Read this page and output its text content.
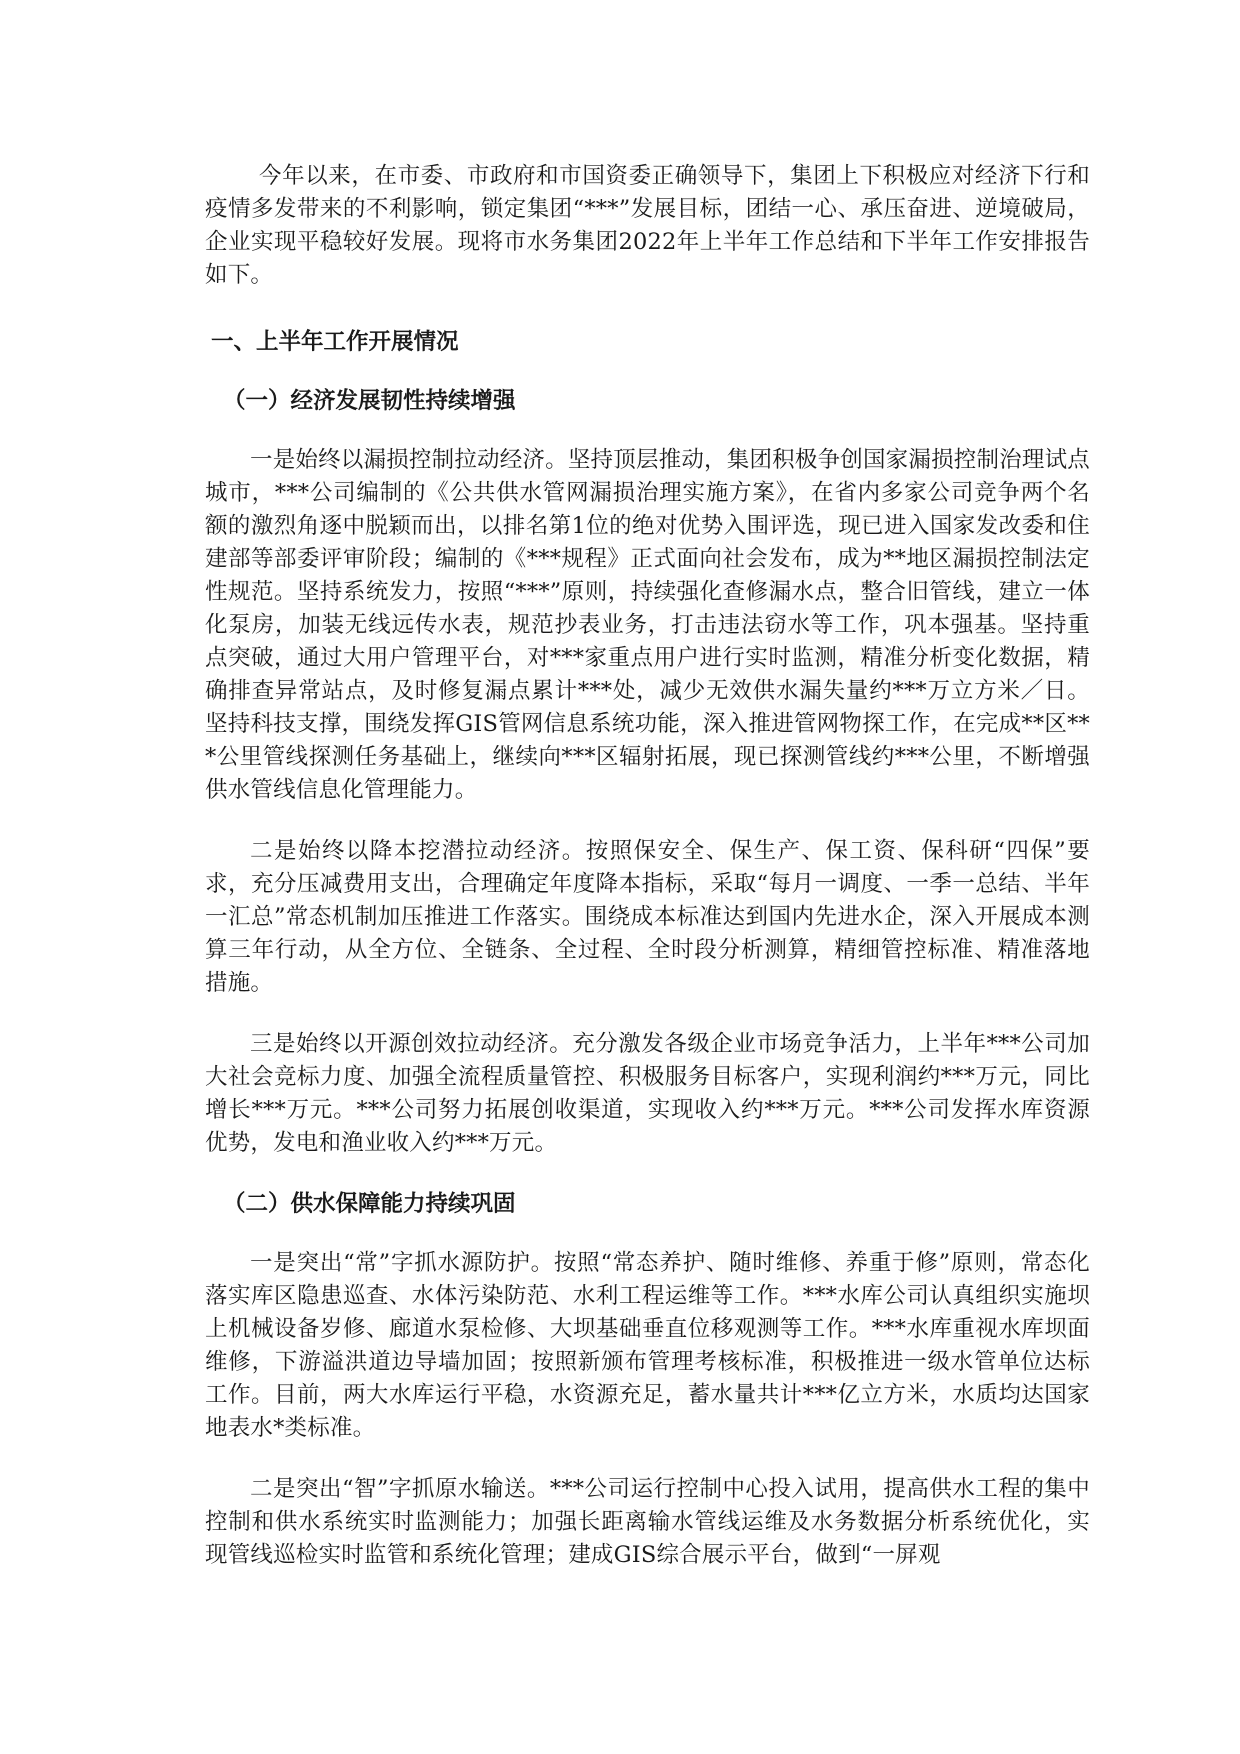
今年以来，在市委、市政府和市国资委正确领导下，集团上下积极应对经济下行和疫情多发带来的不利影响，锁定集团“***”发展目标，团结一心、承压奋进、逆境破局，企业实现平稳较好发展。现将市水务集团2022年上半年工作总结和下半年工作安排报告如下。

一、上半年工作开展情况
（一）经济发展韧性持续增强

一是始终以漏损控制拉动经济。坚持顶层推动，集团积极争创国家漏损控制治理试点城市，***公司编制的《公共供水管网漏损治理实施方案》，在省内多家公司竞争两个名额的激烈角逐中脱颖而出，以排名第1位的绝对优势入围评选，现已进入国家发改委和住建部等部委评审阶段；编制的《***规程》正式面向社会发布，成为**地区漏损控制法定性规范。坚持系统发力，按照“***”原则，持续强化查修漏水点，整合旧管线，建立一体化泵房，加装无线远传水表，规范抄表业务，打击违法窃水等工作，巩本强基。坚持重点突破，通过大用户管理平台，对***家重点用户进行实时监测，精准分析变化数据，精确排查异常站点，及时修复漏点累计***处，减少无效供水漏失量约***万立方米／日。坚持科技支撑，围绕发挥GIS管网信息系统功能，深入推进管网物探工作，在完成**区***公里管线探测任务基础上，继续向***区辐射拓展，现已探测管线约***公里，不断增强供水管线信息化管理能力。

二是始终以降本挖潜拉动经济。按照保安全、保生产、保工资、保科研“四保”要求，充分压减费用支出，合理确定年度降本指标，采取“每月一调度、一季一总结、半年一汇总”常态机制加压推进工作落实。围绕成本标准达到国内先进水企，深入开展成本测算三年行动，从全方位、全链条、全过程、全时段分析测算，精细管控标准、精准落地措施。

三是始终以开源创效拉动经济。充分激发各级企业市场竞争活力，上半年***公司加大社会竞标力度、加强全流程质量管控、积极服务目标客户，实现利润约***万元，同比增长***万元。***公司努力拓展创收渠道，实现收入约***万元。***公司发挥水库资源优势，发电和渔业收入约***万元。

（二）供水保障能力持续巩固

一是突出“常”字抓水源防护。按照“常态养护、随时维修、养重于修”原则，常态化落实库区隐患巡查、水体污染防范、水利工程运维等工作。***水库公司认真组织实施坝上机械设备岁修、廊道水泵检修、大坝基础垂直位移观测等工作。***水库重视水库坝面维修，下游溢洪道边导墙加固；按照新颁布管理考核标准，积极推进一级水管单位达标工作。目前，两大水库运行平稳，水资源充足，蓄水量共计***亿立方米，水质均达国家地表水*类标准。

二是突出“智”字抓原水输送。***公司运行控制中心投入试用，提高供水工程的集中控制和供水系统实时监测能力；加强长距离输水管线运维及水务数据分析系统优化，实现管线巡检实时监管和系统化管理；建成GIS综合展示平台，做到“一屏观
